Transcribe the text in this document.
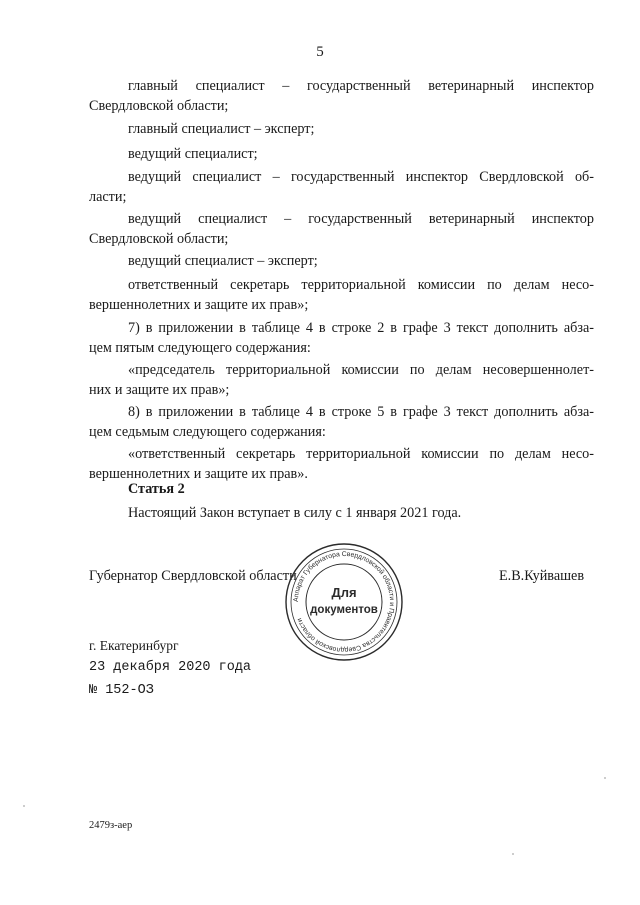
5
главный специалист – государственный ветеринарный инспектор
Свердловской области;
главный специалист – эксперт;
ведущий специалист;
ведущий специалист – государственный инспектор Свердловской об-
ласти;
ведущий специалист – государственный ветеринарный инспектор
Свердловской области;
ведущий специалист – эксперт;
ответственный секретарь территориальной комиссии по делам несо-
вершеннолетних и защите их прав»;
7) в приложении в таблице 4 в строке 2 в графе 3 текст дополнить абза-
цем пятым следующего содержания:
«председатель территориальной комиссии по делам несовершеннолет-
них и защите их прав»;
8) в приложении в таблице 4 в строке 5 в графе 3 текст дополнить абза-
цем седьмым следующего содержания:
«ответственный секретарь территориальной комиссии по делам несо-
вершеннолетних и защите их прав».
Статья 2
Настоящий Закон вступает в силу с 1 января 2021 года.
Губернатор Свердловской области	Е.В.Куйвашев
Аппарат Губернатора Свердловской области и Правительства Свердловской области
Для
документов
г. Екатеринбург
23 декабря 2020 года
№ 152-ОЗ
2479з-аер
